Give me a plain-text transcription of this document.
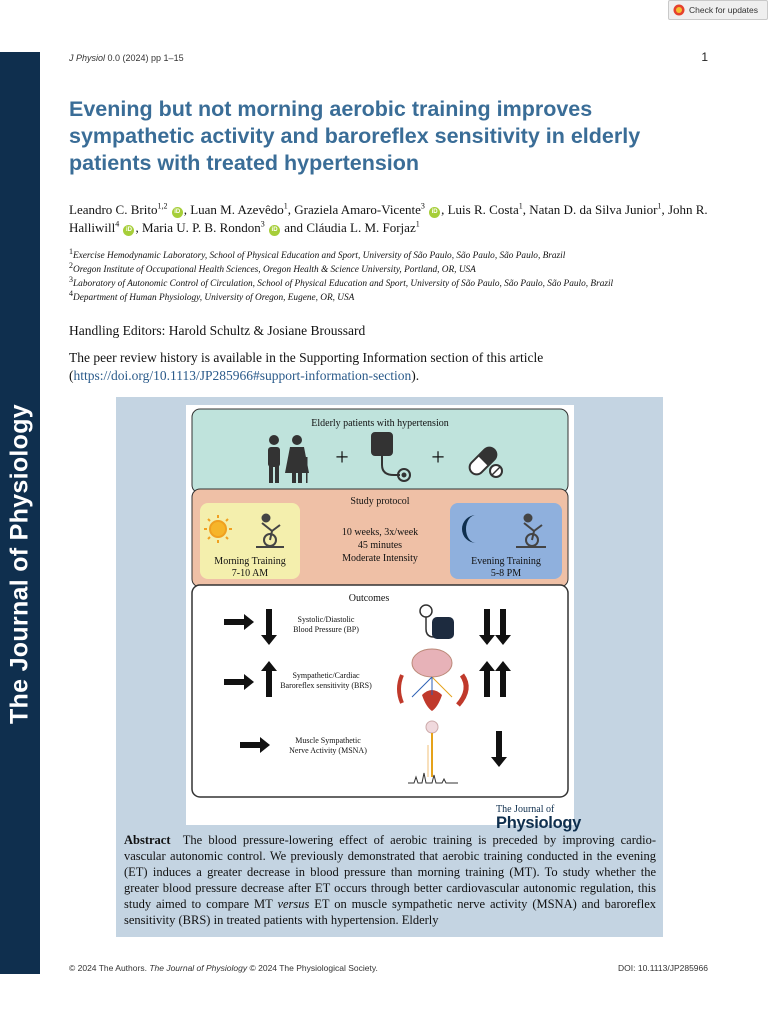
Check for updates
The Journal of Physiology
J Physiol 0.0 (2024) pp 1–15	1
Evening but not morning aerobic training improves sympathetic activity and baroreflex sensitivity in elderly patients with treated hypertension
Leandro C. Brito$^{1,2}$ iD , Luan M. Azevêdo$^1$, Graziela Amaro-Vicente$^3$ iD , Luis R. Costa$^1$, Natan D. da Silva Junior$^1$, John R. Halliwill$^4$ iD , Maria U. P. B. Rondon$^3$ iD and Cláudia L. M. Forjaz$^1$
$^1$Exercise Hemodynamic Laboratory, School of Physical Education and Sport, University of São Paulo, São Paulo, São Paulo, Brazil
$^2$Oregon Institute of Occupational Health Sciences, Oregon Health & Science University, Portland, OR, USA
$^3$Laboratory of Autonomic Control of Circulation, School of Physical Education and Sport, University of São Paulo, São Paulo, São Paulo, Brazil
$^4$Department of Human Physiology, University of Oregon, Eugene, OR, USA
Handling Editors: Harold Schultz & Josiane Broussard
The peer review history is available in the Supporting Information section of this article (https://doi.org/10.1113/JP285966#support-information-section).
Elderly patients with hypertension
+	+
Study protocol
Morning Training
7-10 AM
10 weeks, 3x/week
45 minutes
Moderate Intensity	Evening Training
5-8 PM
Outcomes
Systolic/Diastolic
Blood Pressure (BP)
Sympathetic/Cardiac
Baroreflex sensitivity (BRS)
Muscle Sympathetic
Nerve Activity (MSNA)
The Journal of
Physiology
Abstract The blood pressure-lowering effect of aerobic training is preceded by improving cardio-vascular autonomic control. We previously demonstrated that aerobic training conducted in the evening (ET) induces a greater decrease in blood pressure than morning training (MT). To study whether the greater blood pressure decrease after ET occurs through better cardiovascular autonomic regulation, this study aimed to compare MT versus ET on muscle sympathetic nerve activity (MSNA) and baroreflex sensitivity (BRS) in treated patients with hypertension. Elderly
© 2024 The Authors. The Journal of Physiology © 2024 The Physiological Society.	DOI: 10.1113/JP285966
